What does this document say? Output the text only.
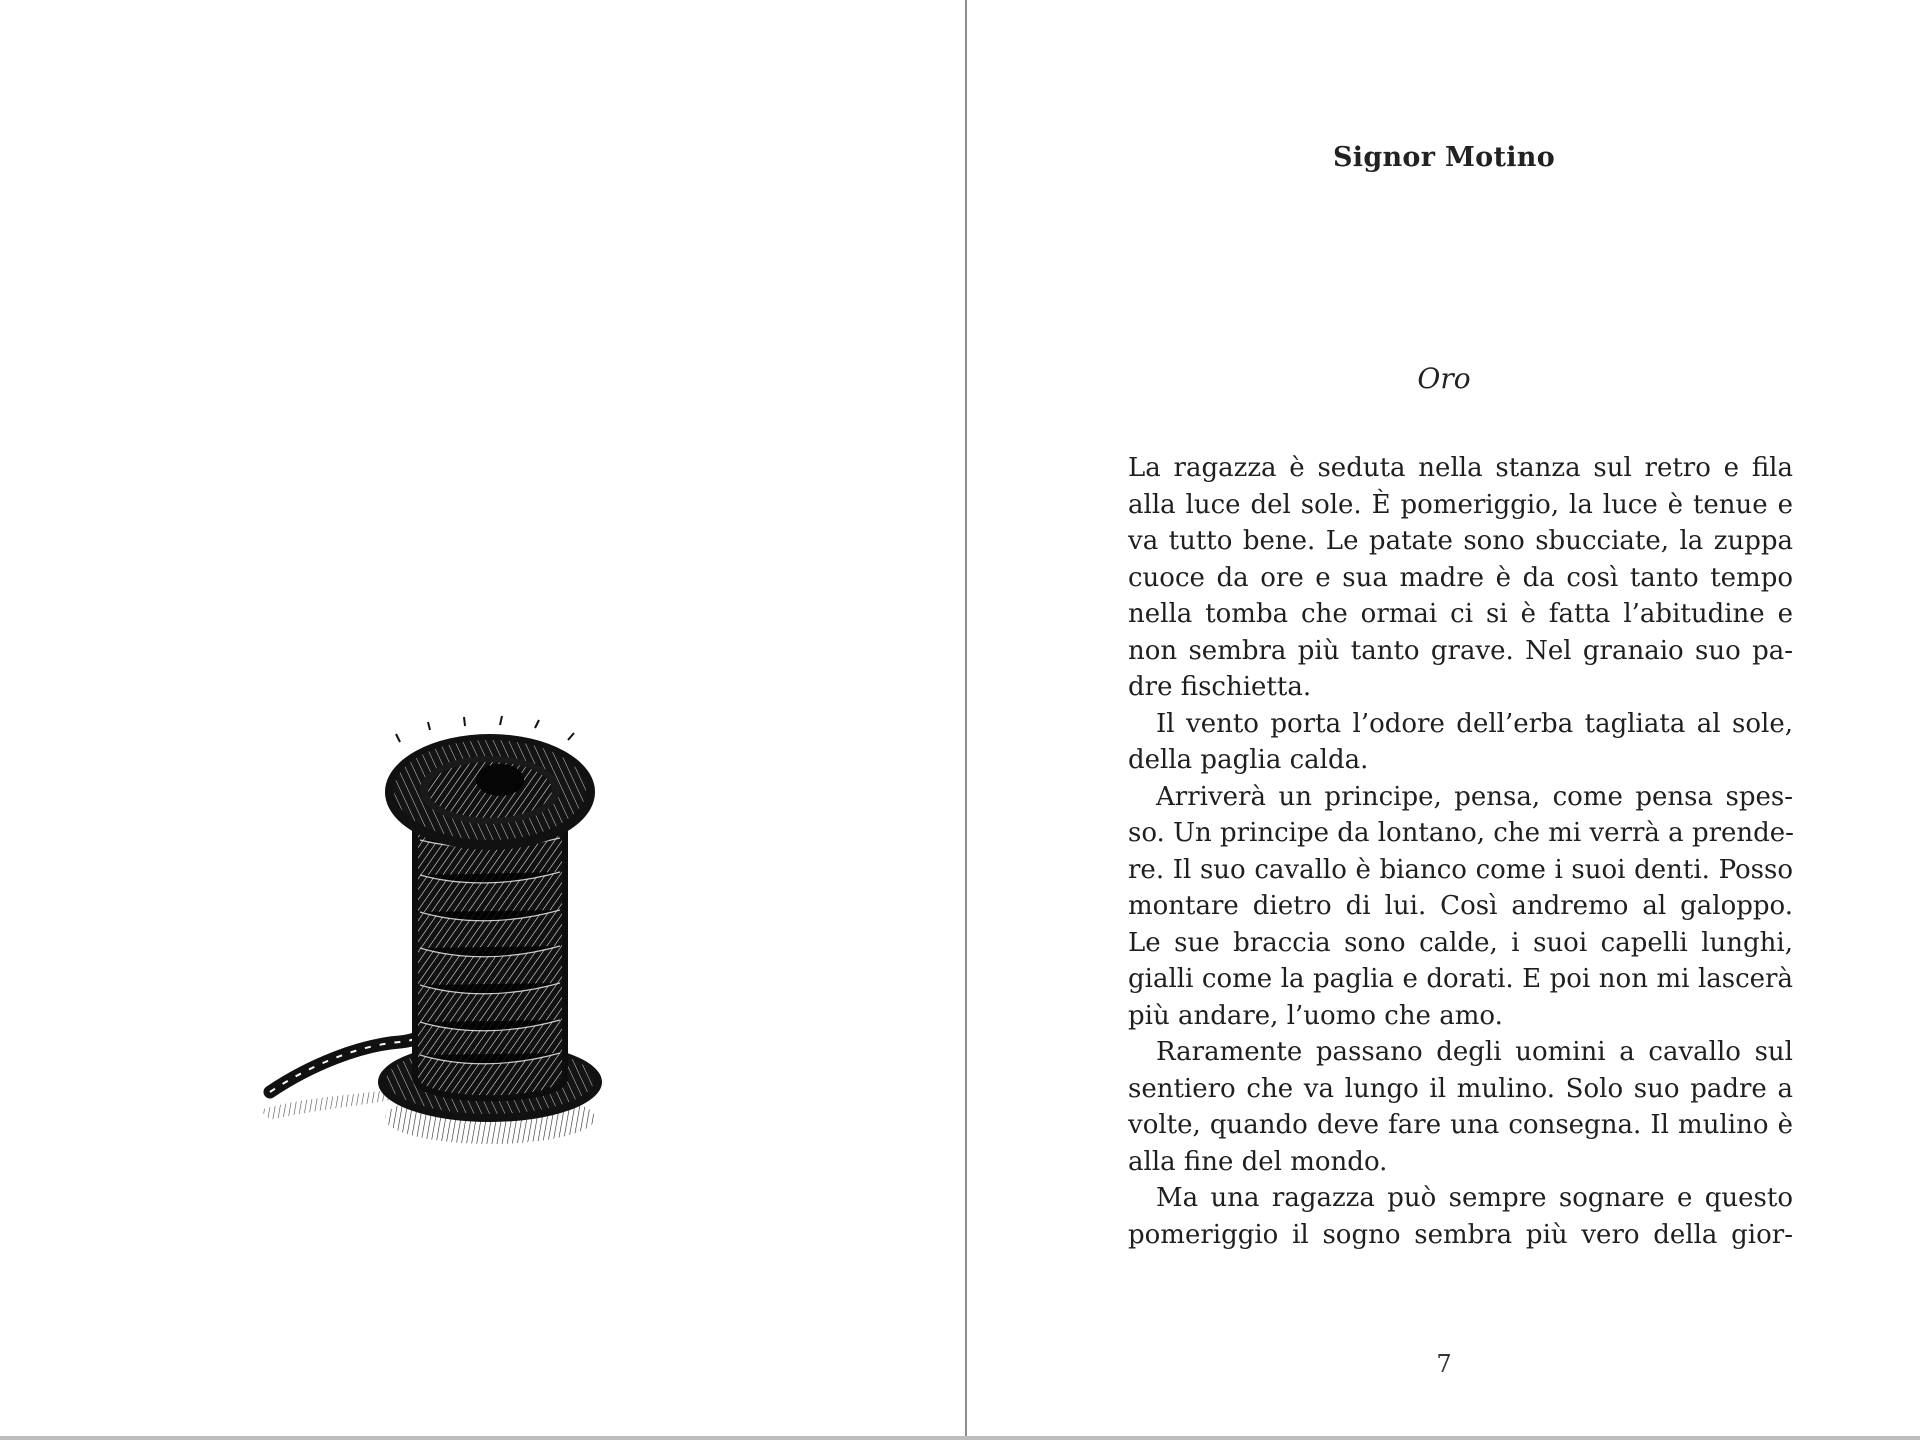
Signor Motino
Oro
La ragazza è seduta nella stanza sul retro e fila
alla luce del sole. È pomeriggio, la luce è tenue e
va tutto bene. Le patate sono sbucciate, la zuppa
cuoce da ore e sua madre è da così tanto tempo
nella tomba che ormai ci si è fatta l’abitudine e
non sembra più tanto grave. Nel granaio suo pa-
dre fischietta.
Il vento porta l’odore dell’erba tagliata al sole,
della paglia calda.
Arriverà un principe, pensa, come pensa spes-
so. Un principe da lontano, che mi verrà a prende-
re. Il suo cavallo è bianco come i suoi denti. Posso
montare dietro di lui. Così andremo al galoppo.
Le sue braccia sono calde, i suoi capelli lunghi,
gialli come la paglia e dorati. E poi non mi lascerà
più andare, l’uomo che amo.
Raramente passano degli uomini a cavallo sul
sentiero che va lungo il mulino. Solo suo padre a
volte, quando deve fare una consegna. Il mulino è
alla fine del mondo.
Ma una ragazza può sempre sognare e questo
pomeriggio il sogno sembra più vero della gior-
7
